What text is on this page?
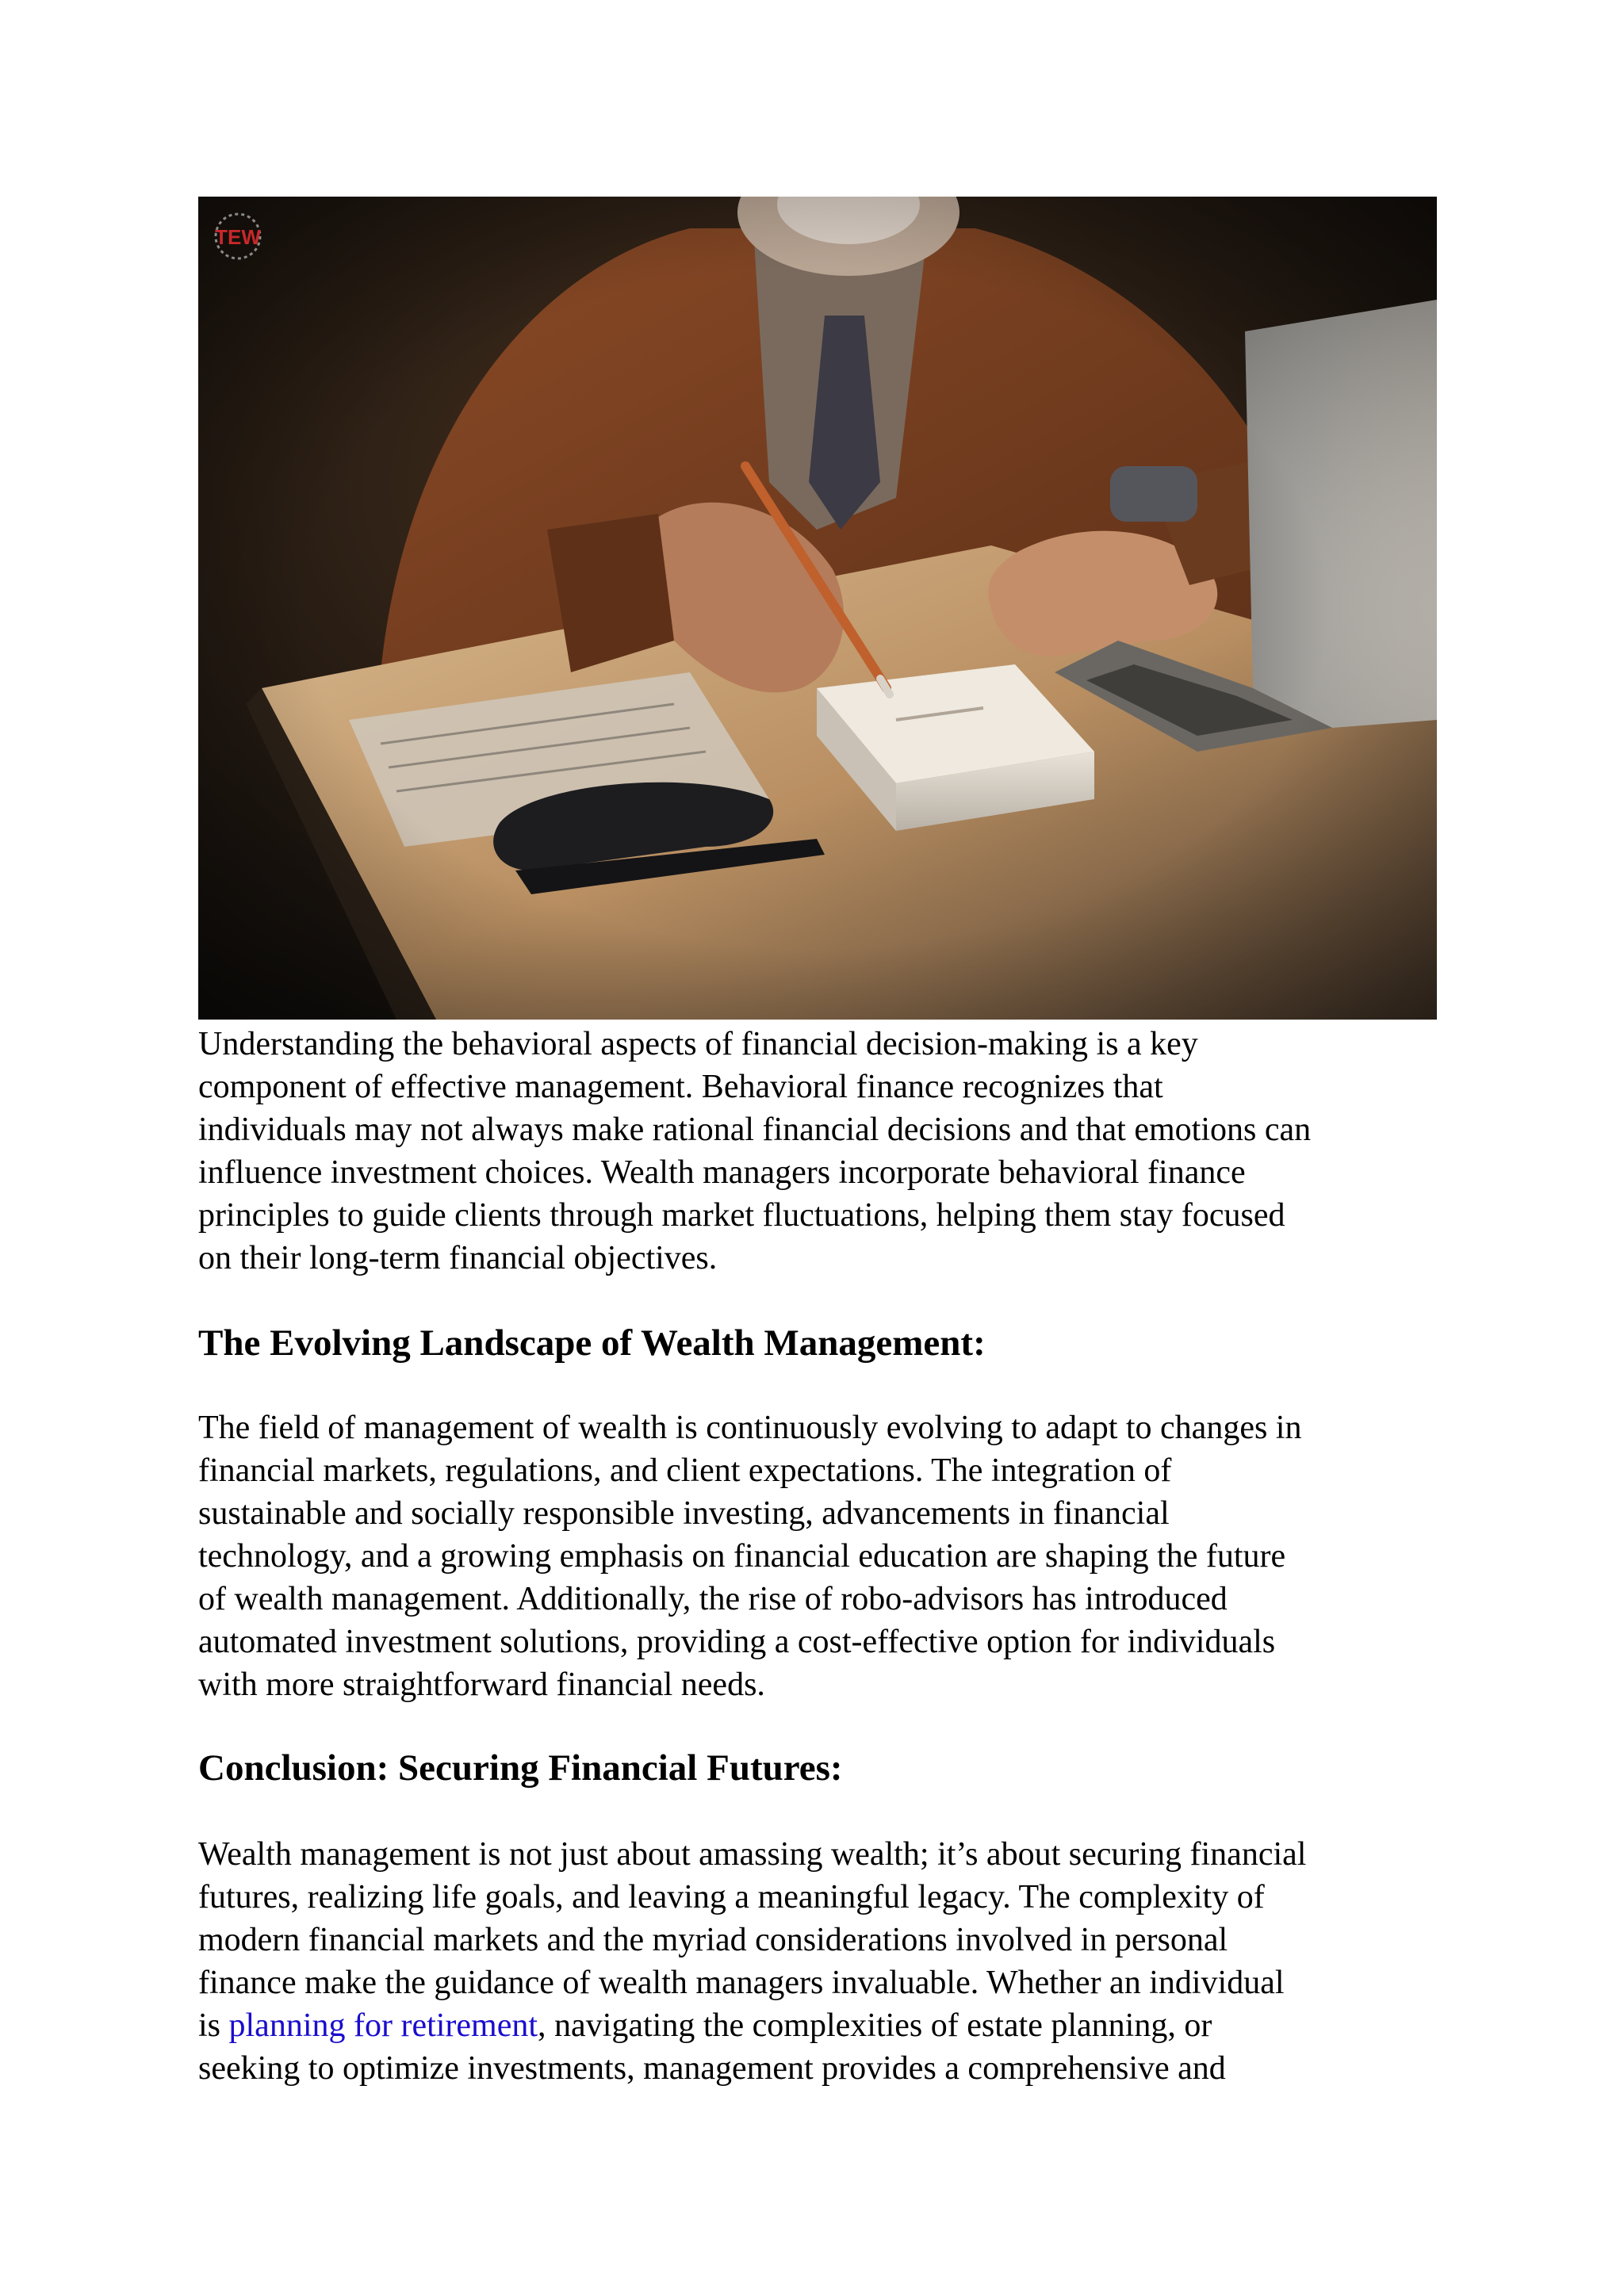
TEW

Understanding the behavioral aspects of financial decision-making is a key
component of effective management. Behavioral finance recognizes that
individuals may not always make rational financial decisions and that emotions can
influence investment choices. Wealth managers incorporate behavioral finance
principles to guide clients through market fluctuations, helping them stay focused
on their long-term financial objectives.

The Evolving Landscape of Wealth Management:

The field of management of wealth is continuously evolving to adapt to changes in
financial markets, regulations, and client expectations. The integration of
sustainable and socially responsible investing, advancements in financial
technology, and a growing emphasis on financial education are shaping the future
of wealth management. Additionally, the rise of robo-advisors has introduced
automated investment solutions, providing a cost-effective option for individuals
with more straightforward financial needs.

Conclusion: Securing Financial Futures:

Wealth management is not just about amassing wealth; it’s about securing financial
futures, realizing life goals, and leaving a meaningful legacy. The complexity of
modern financial markets and the myriad considerations involved in personal
finance make the guidance of wealth managers invaluable. Whether an individual
is planning for retirement, navigating the complexities of estate planning, or
seeking to optimize investments, management provides a comprehensive and
